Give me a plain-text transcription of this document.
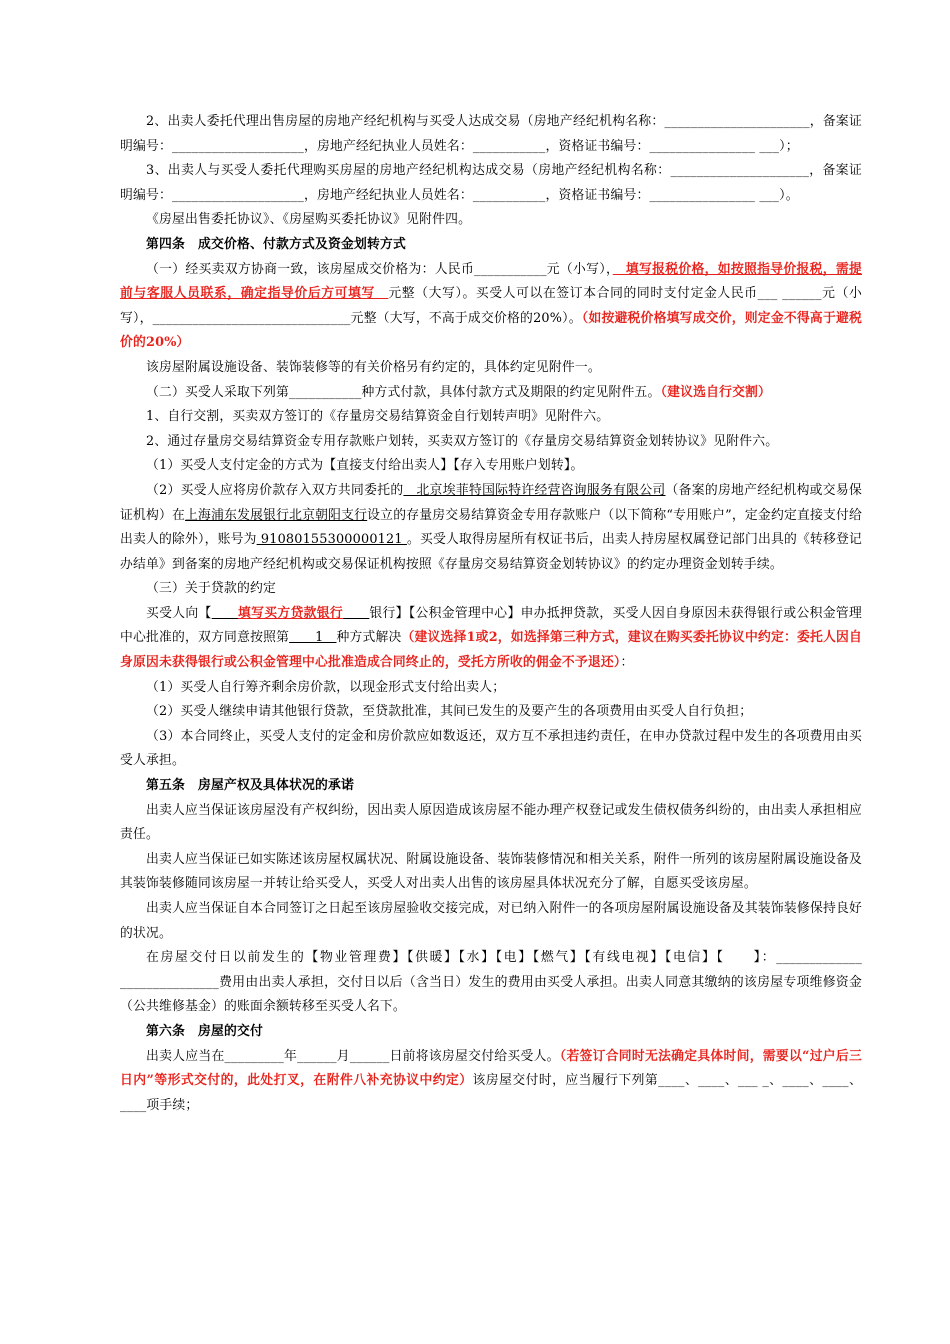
2、出卖人委托代理出售房屋的房地产经纪机构与买受人达成交易（房地产经纪机构名称：______________________，备案证明编号：____________________，房地产经纪执业人员姓名：___________，资格证书编号：________________ ___）；

3、出卖人与买受人委托代理购买房屋的房地产经纪机构达成交易（房地产经纪机构名称：_____________________，备案证明编号：____________________，房地产经纪执业人员姓名：___________，资格证书编号：________________ ___）。

《房屋出售委托协议》、《房屋购买委托协议》见附件四。

第四条　成交价格、付款方式及资金划转方式

（一）经买卖双方协商一致，该房屋成交价格为：人民币___________元（小写），　填写报税价格，如按照指导价报税，需提前与客服人员联系，确定指导价后方可填写　元整（大写）。买受人可以在签订本合同的同时支付定金人民币___ ______元（小写），______________________________元整（大写，不高于成交价格的20%）。（如按避税价格填写成交价，则定金不得高于避税价的20%）

该房屋附属设施设备、装饰装修等的有关价格另有约定的，具体约定见附件一。

（二）买受人采取下列第___________种方式付款，具体付款方式及期限的约定见附件五。（建议选自行交割）

1、自行交割，买卖双方签订的《存量房交易结算资金自行划转声明》见附件六。

2、通过存量房交易结算资金专用存款账户划转，买卖双方签订的《存量房交易结算资金划转协议》见附件六。

（1）买受人支付定金的方式为【直接支付给出卖人】【存入专用账户划转】。

（2）买受人应将房价款存入双方共同委托的　北京埃菲特国际特许经营咨询服务有限公司（备案的房地产经纪机构或交易保证机构）在上海浦东发展银行北京朝阳支行设立的存量房交易结算资金专用存款账户（以下简称“专用账户”，定金约定直接支付给出卖人的除外），账号为 91080155300000121 。买受人取得房屋所有权证书后，出卖人持房屋权属登记部门出具的《转移登记办结单》到备案的房地产经纪机构或交易保证机构按照《存量房交易结算资金划转协议》的约定办理资金划转手续。

（三）关于贷款的约定

买受人向【　　 填写买方贷款银行　　 银行】【公积金管理中心】申办抵押贷款，买受人因自身原因未获得银行或公积金管理中心批准的，双方同意按照第　　1　种方式解决（建议选择1或2，如选择第三种方式，建议在购买委托协议中约定：委托人因自身原因未获得银行或公积金管理中心批准造成合同终止的，受托方所收的佣金不予退还）：

（1）买受人自行筹齐剩余房价款，以现金形式支付给出卖人；

（2）买受人继续申请其他银行贷款，至贷款批准，其间已发生的及要产生的各项费用由买受人自行负担；

（3）本合同终止，买受人支付的定金和房价款应如数返还，双方互不承担违约责任，在申办贷款过程中发生的各项费用由买受人承担。

第五条　房屋产权及具体状况的承诺

出卖人应当保证该房屋没有产权纠纷，因出卖人原因造成该房屋不能办理产权登记或发生债权债务纠纷的，由出卖人承担相应责任。

出卖人应当保证已如实陈述该房屋权属状况、附属设施设备、装饰装修情况和相关关系，附件一所列的该房屋附属设施设备及其装饰装修随同该房屋一并转让给买受人，买受人对出卖人出售的该房屋具体状况充分了解，自愿买受该房屋。

出卖人应当保证自本合同签订之日起至该房屋验收交接完成，对已纳入附件一的各项房屋附属设施设备及其装饰装修保持良好的状况。

在房屋交付日以前发生的【物业管理费】【供暖】【水】【电】【燃气】【有线电视】【电信】【　　】：_____________ _______________费用由出卖人承担，交付日以后（含当日）发生的费用由买受人承担。出卖人同意其缴纳的该房屋专项维修资金（公共维修基金）的账面余额转移至买受人名下。

第六条　房屋的交付

出卖人应当在_________年______月______日前将该房屋交付给买受人。（若签订合同时无法确定具体时间，需要以“过户后三日内”等形式交付的，此处打叉，在附件八补充协议中约定）该房屋交付时，应当履行下列第____、____、___ _、____、____、____项手续；
